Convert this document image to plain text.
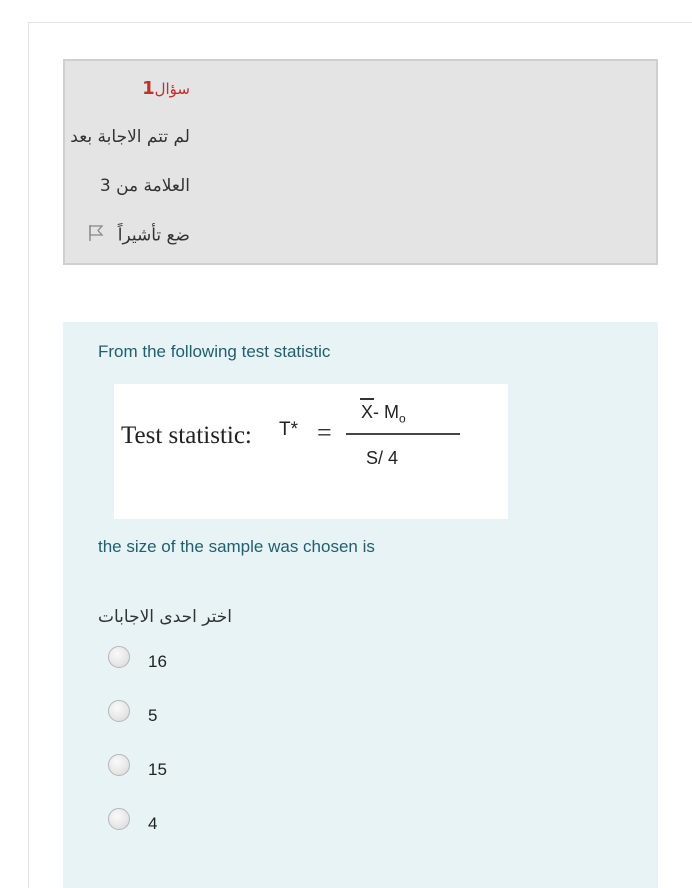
سؤال1
لم تتم الاجابة بعد
العلامة من 3
ضع تأشيراً
From the following test statistic
Test statistic: T* =
X- $M_o$
S/ 4
the size of the sample was chosen is
اختر احدى الاجابات
16
5
15
4
